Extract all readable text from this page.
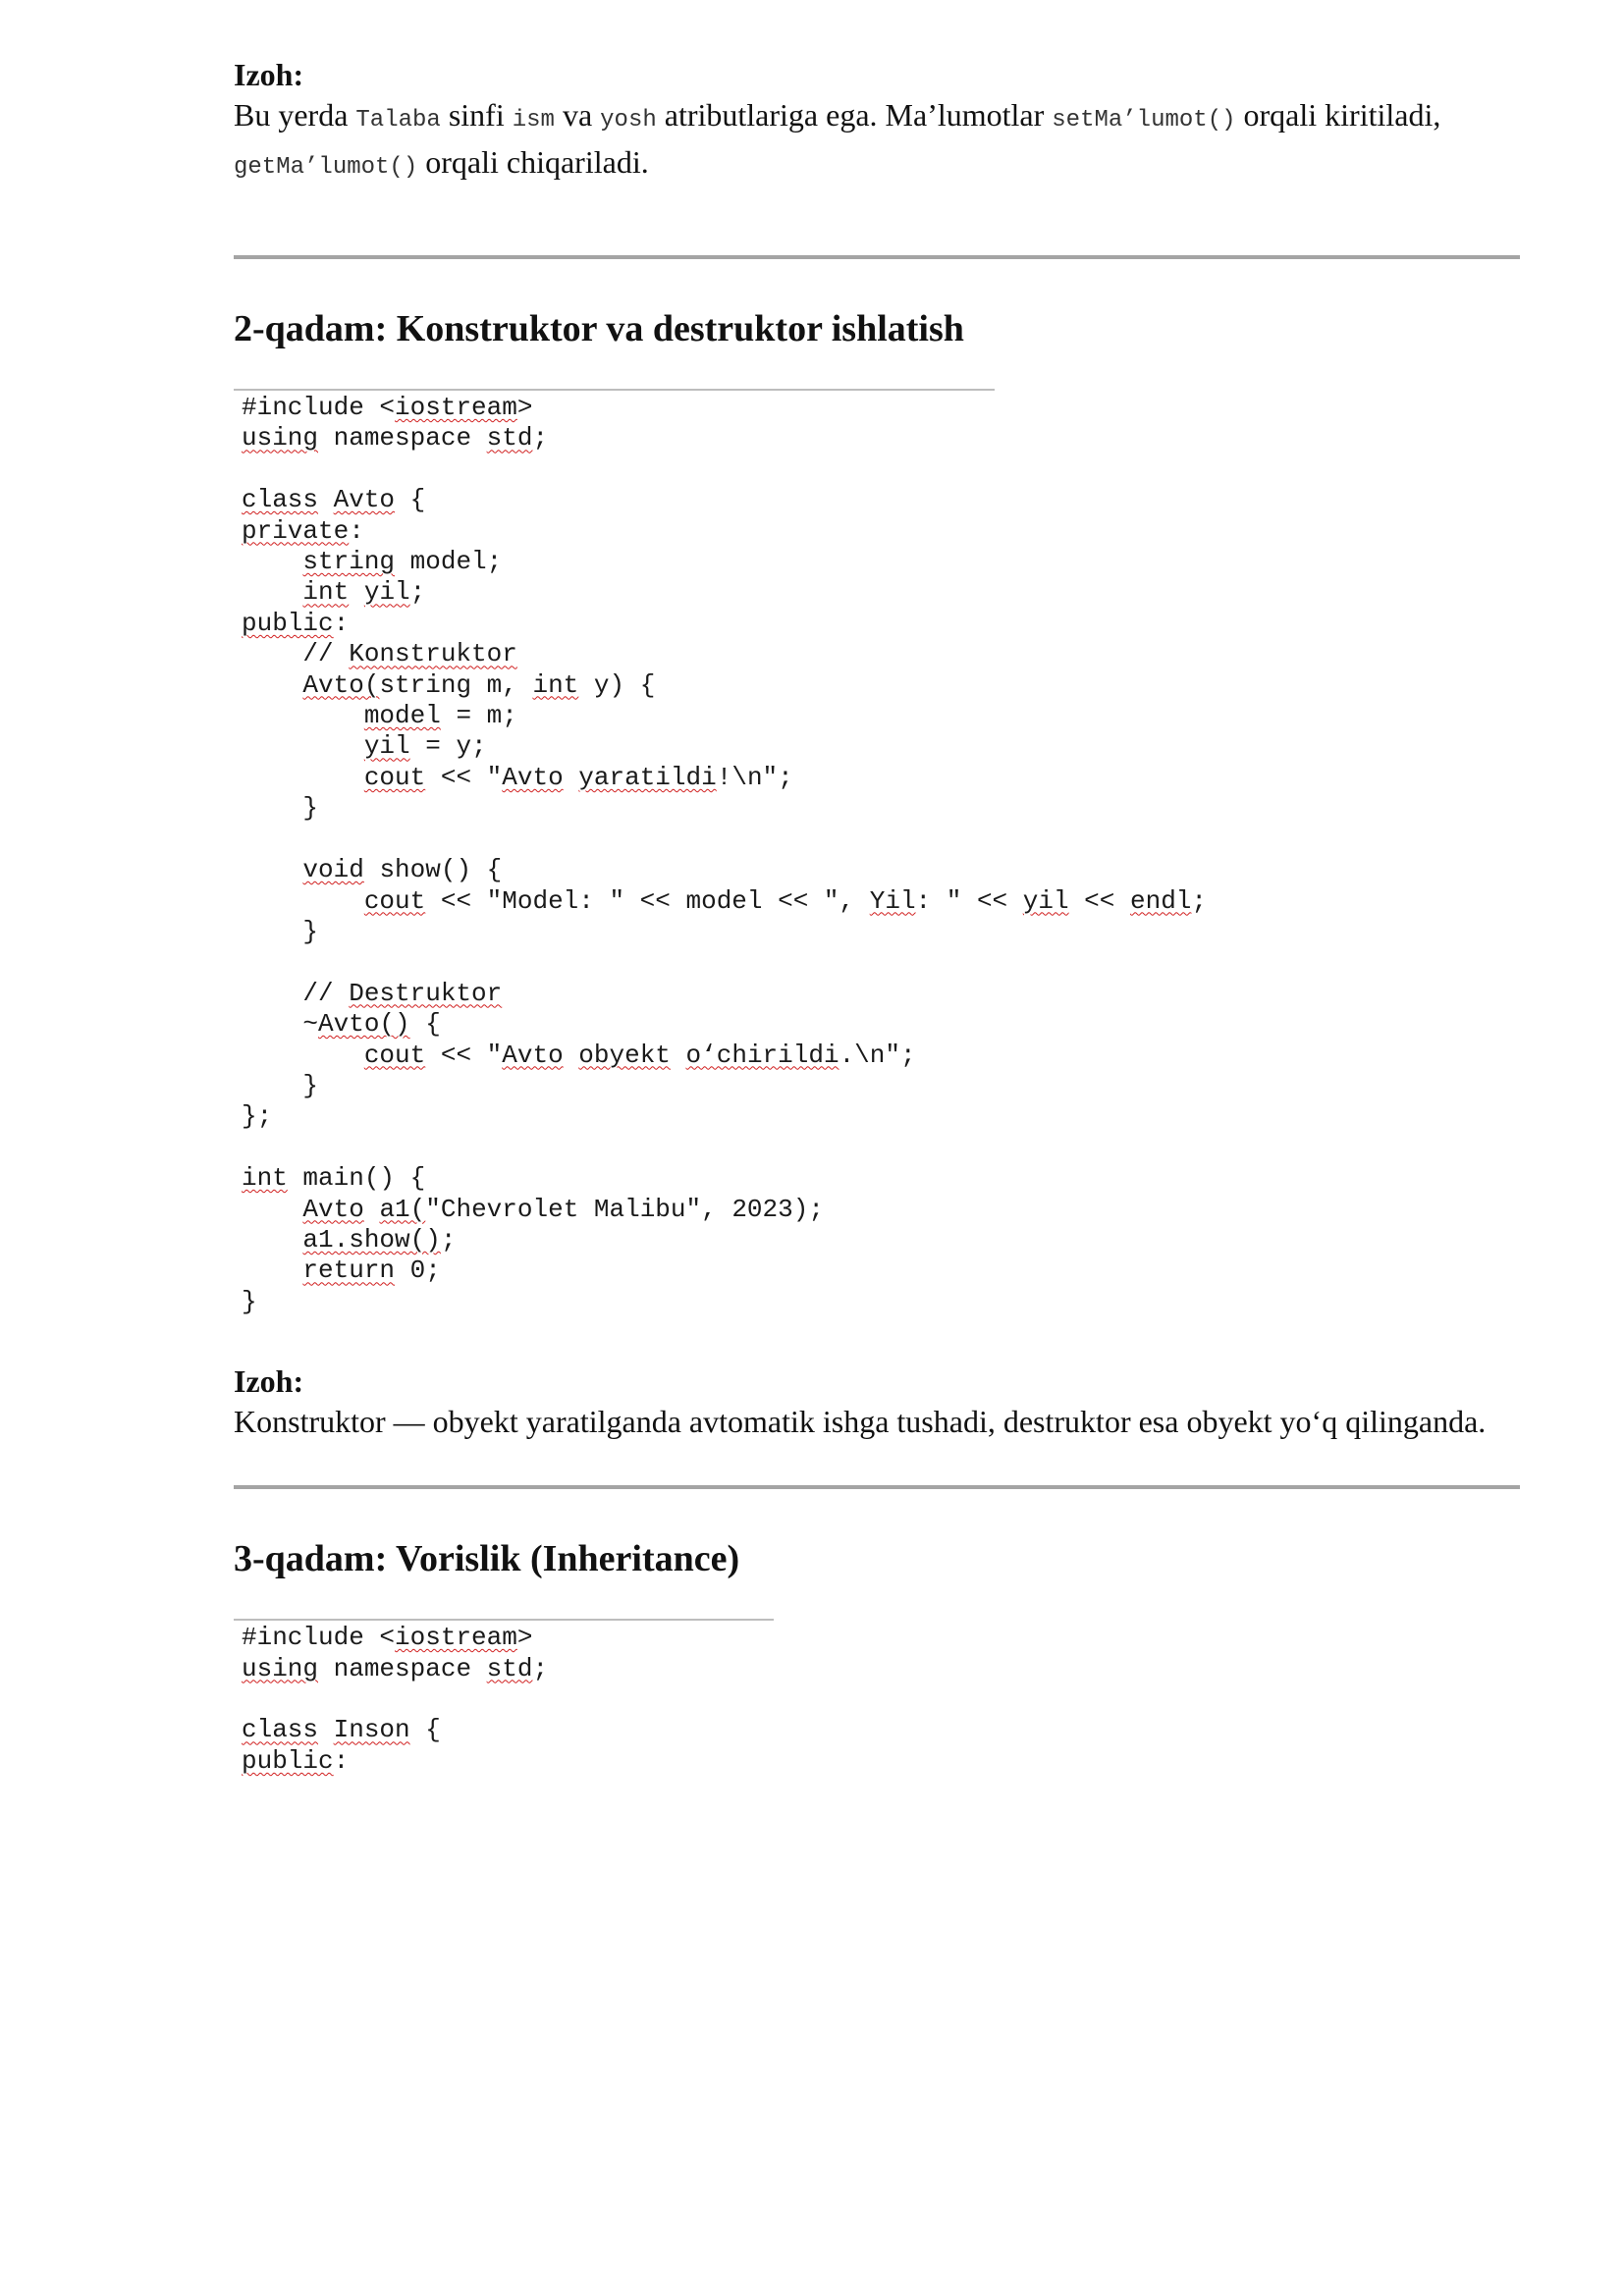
Izoh:

Bu yerda Talaba sinfi ism va yosh atributlariga ega. Ma’lumotlar setMa’lumot() orqali kiritiladi, getMa’lumot() orqali chiqariladi.

2-qadam: Konstruktor va destruktor ishlatish
#include <iostream>
using namespace std;

class Avto {
private:
string model;
int yil;
public:
// Konstruktor
Avto(string m, int y) {
model = m;
yil = y;
cout << "Avto yaratildi!\n";
}

void show() {
cout << "Model: " << model << ", Yil: " << yil << endl;
}

// Destruktor
~Avto() {
cout << "Avto obyekt o‘chirildi.\n";
}
};

int main() {
Avto a1("Chevrolet Malibu", 2023);
a1.show();
return 0;
}

Izoh:

Konstruktor — obyekt yaratilganda avtomatik ishga tushadi, destruktor esa obyekt yo‘q qilinganda.

3-qadam: Vorislik (Inheritance)
#include <iostream>
using namespace std;

class Inson {
public:
